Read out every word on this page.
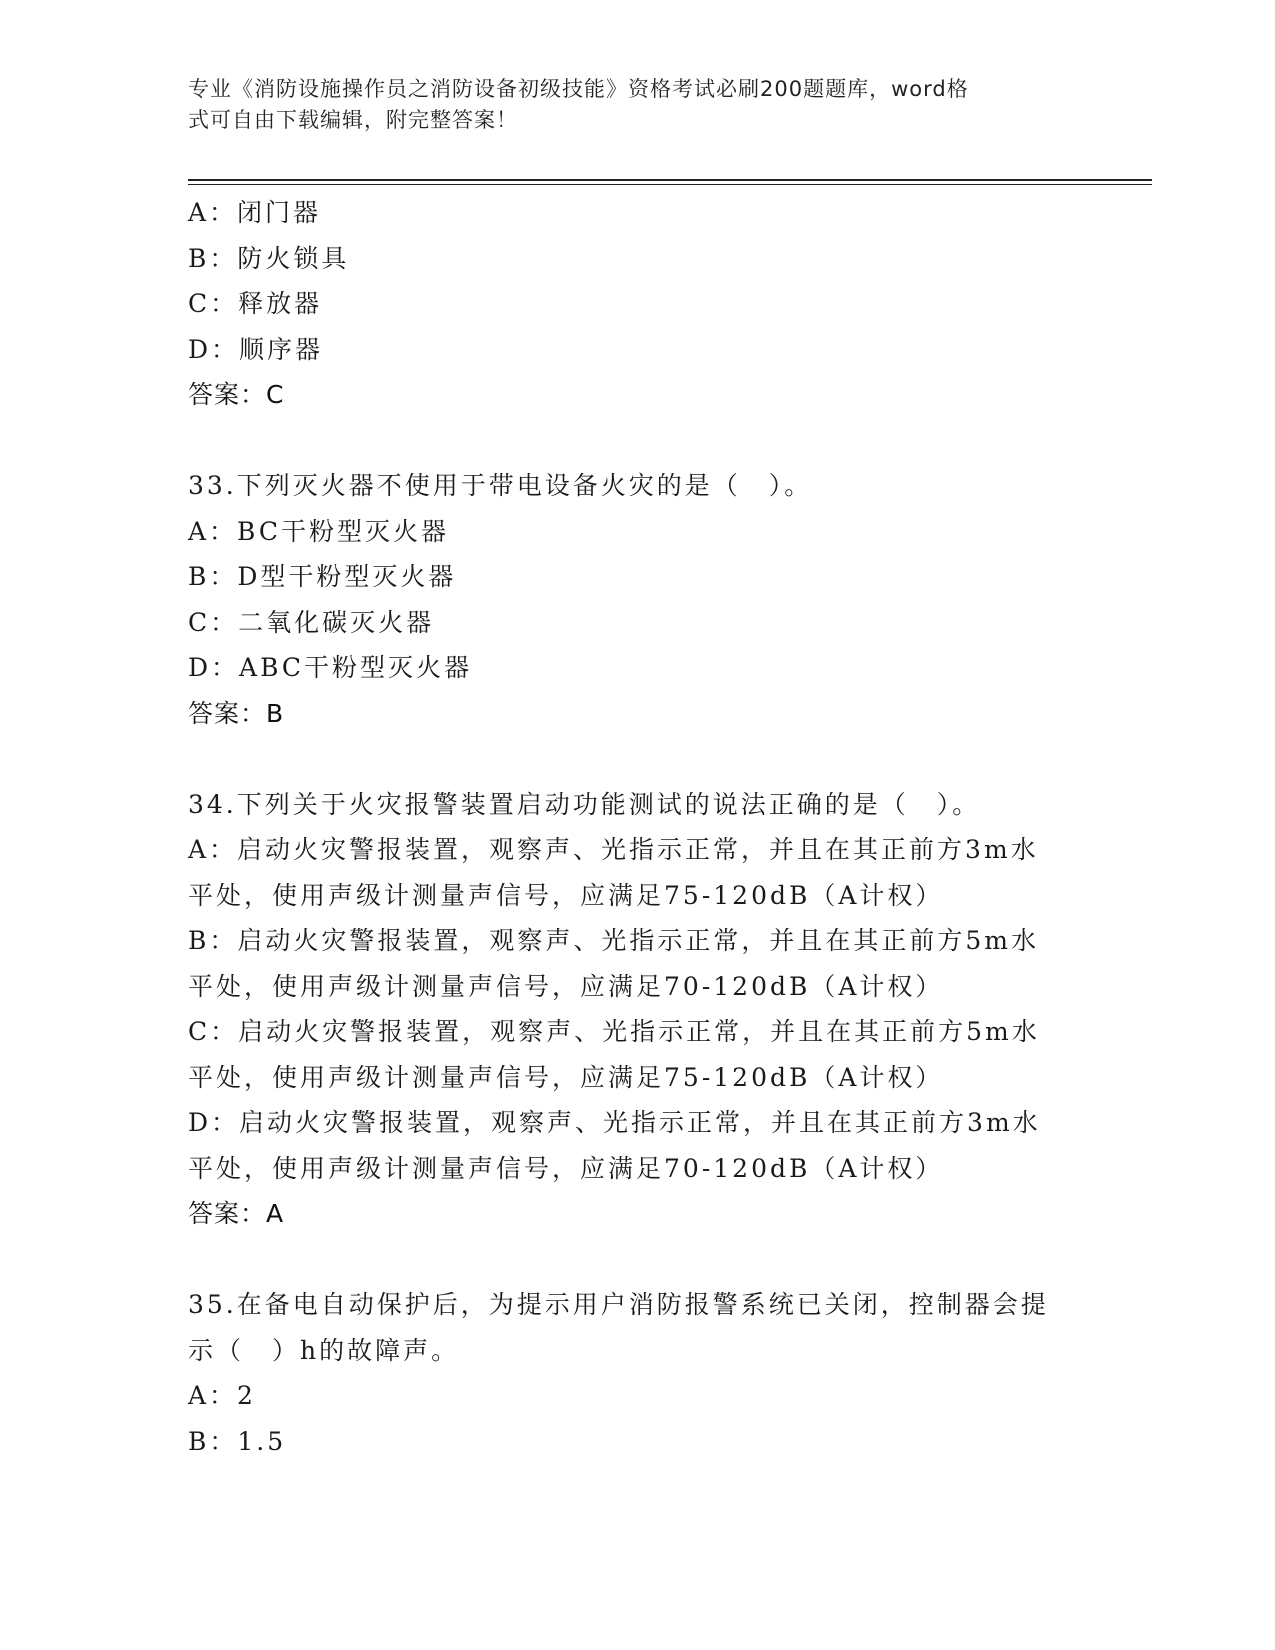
专业《消防设施操作员之消防设备初级技能》资格考试必刷200题题库，word格
式可自由下载编辑，附完整答案！
A：闭门器
B：防火锁具
C：释放器
D：顺序器
答案：C
33.下列灭火器不使用于带电设备火灾的是（　）。
A：BC干粉型灭火器
B：D型干粉型灭火器
C：二氧化碳灭火器
D：ABC干粉型灭火器
答案：B
34.下列关于火灾报警装置启动功能测试的说法正确的是（　）。
A：启动火灾警报装置，观察声、光指示正常，并且在其正前方3m水
平处，使用声级计测量声信号，应满足75-120dB（A计权）
B：启动火灾警报装置，观察声、光指示正常，并且在其正前方5m水
平处，使用声级计测量声信号，应满足70-120dB（A计权）
C：启动火灾警报装置，观察声、光指示正常，并且在其正前方5m水
平处，使用声级计测量声信号，应满足75-120dB（A计权）
D：启动火灾警报装置，观察声、光指示正常，并且在其正前方3m水
平处，使用声级计测量声信号，应满足70-120dB（A计权）
答案：A
35.在备电自动保护后，为提示用户消防报警系统已关闭，控制器会提
示（　）h的故障声。
A：2
B：1.5
